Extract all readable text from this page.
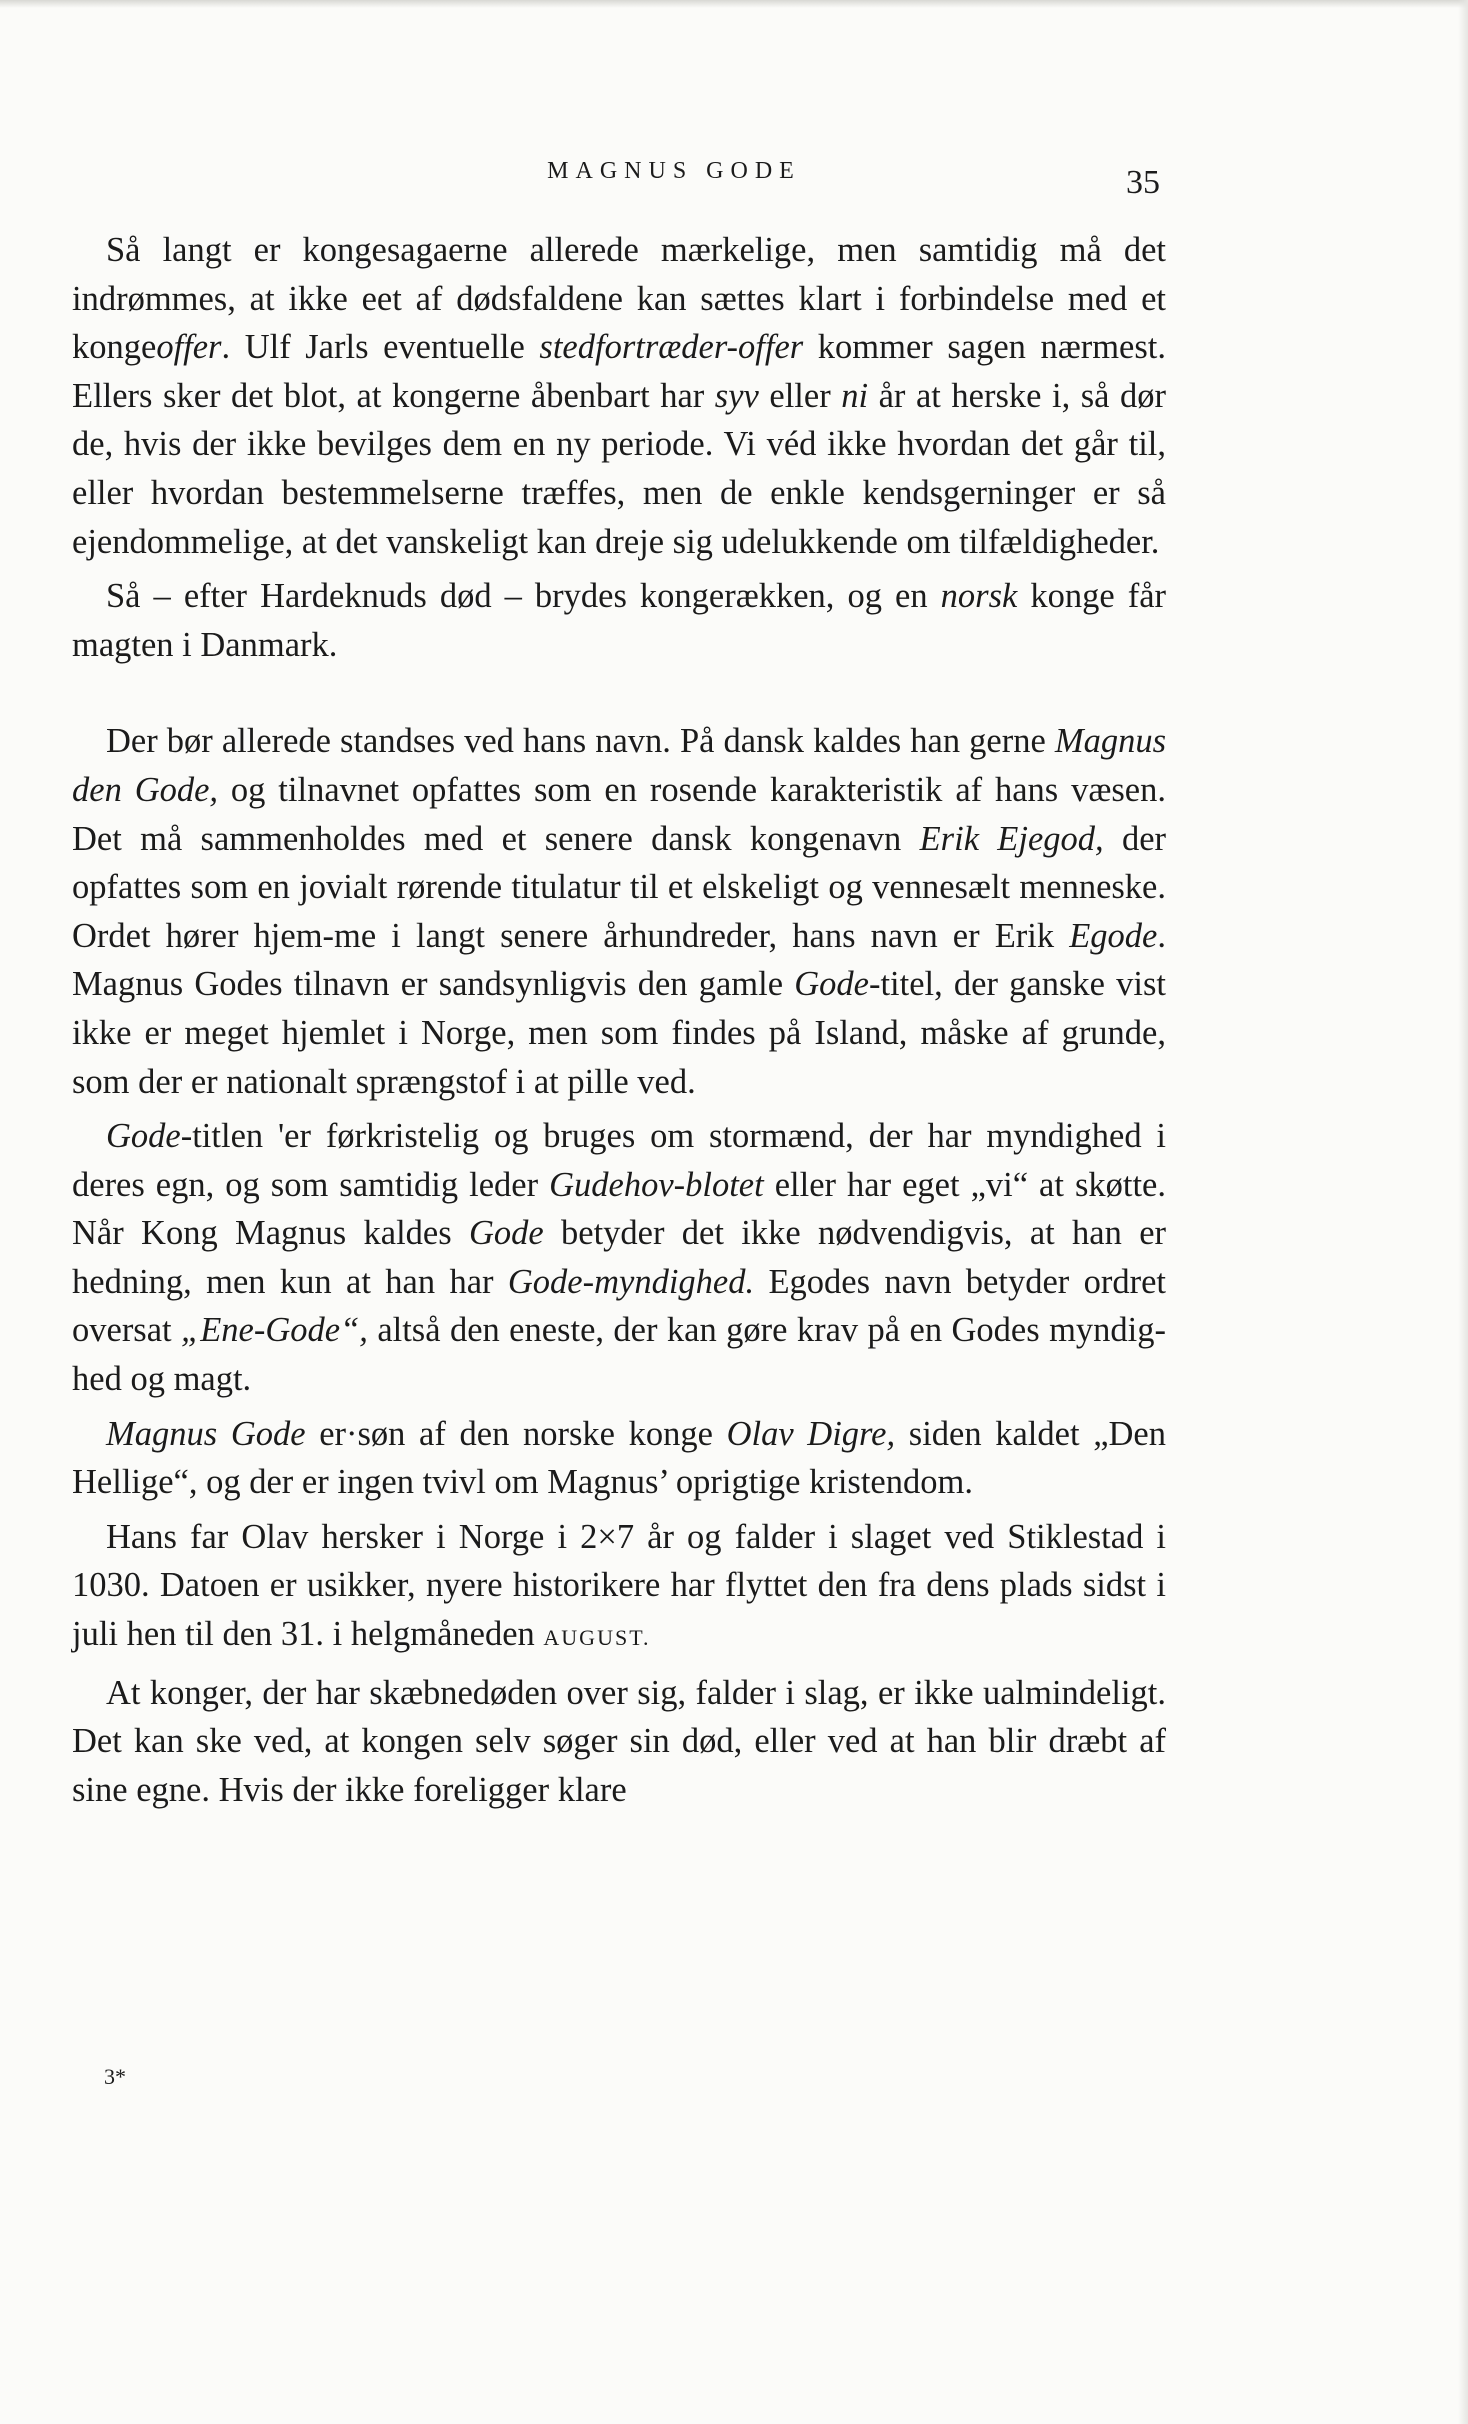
MAGNUS GODE	35

Så langt er kongesagaerne allerede mærkelige, men samtidig må det indrømmes, at ikke eet af dødsfaldene kan sættes klart i forbindelse med et kongeoffer. Ulf Jarls eventuelle stedfortræder-offer kommer sagen nærmest. Ellers sker det blot, at kongerne åbenbart har syv eller ni år at herske i, så dør de, hvis der ikke bevilges dem en ny periode. Vi véd ikke hvordan det går til, eller hvordan bestemmelserne træffes, men de enkle kendsgerninger er så ejendommelige, at det vanskeligt kan dreje sig udelukkende om tilfældigheder.

Så – efter Hardeknuds død – brydes kongerækken, og en norsk konge får magten i Danmark.

Der bør allerede standses ved hans navn. På dansk kaldes han gerne Magnus den Gode, og tilnavnet opfattes som en rosende karakteristik af hans væsen. Det må sammenholdes med et senere dansk kongenavn Erik Ejegod, der opfattes som en jovialt rørende titulatur til et elskeligt og vennesælt menneske. Ordet hører hjem-me i langt senere århundreder, hans navn er Erik Egode. Magnus Godes tilnavn er sandsynligvis den gamle Gode-titel, der ganske vist ikke er meget hjemlet i Norge, men som findes på Island, måske af grunde, som der er nationalt sprængstof i at pille ved.

Gode-titlen 'er førkristelig og bruges om stormænd, der har myndighed i deres egn, og som samtidig leder Gudehov-blotet eller har eget „vi“ at skøtte. Når Kong Magnus kaldes Gode betyder det ikke nødvendigvis, at han er hedning, men kun at han har Gode-myndighed. Egodes navn betyder ordret oversat „Ene-Gode“, altså den eneste, der kan gøre krav på en Godes myndig-hed og magt.

Magnus Gode er·søn af den norske konge Olav Digre, siden kaldet „Den Hellige“, og der er ingen tvivl om Magnus’ oprigtige kristendom.

Hans far Olav hersker i Norge i 2×7 år og falder i slaget ved Stiklestad i 1030. Datoen er usikker, nyere historikere har flyttet den fra dens plads sidst i juli hen til den 31. i helgmåneden AUGUST.

At konger, der har skæbnedøden over sig, falder i slag, er ikke ualmindeligt. Det kan ske ved, at kongen selv søger sin død, eller ved at han blir dræbt af sine egne. Hvis der ikke foreligger klare

3*
